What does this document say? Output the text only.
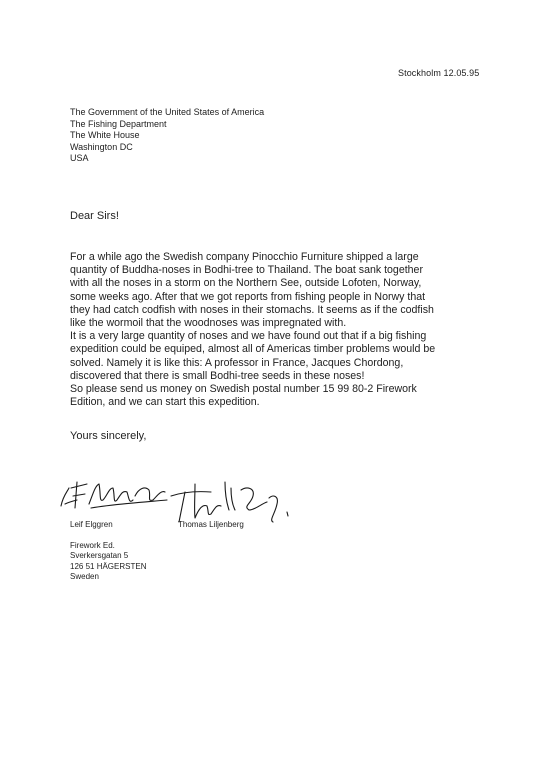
Stockholm 12.05.95
The Government of the United States of America
The Fishing Department
The White House
Washington DC
USA
Dear Sirs!
For a while ago the Swedish company Pinocchio Furniture shipped a large
quantity of Buddha-noses in Bodhi-tree to Thailand. The boat sank together
with all the noses in a storm on the Northern See, outside Lofoten, Norway,
some weeks ago. After that we got reports from fishing people in Norwy that
they had catch codfish with noses in their stomachs. It seems as if the codfish
like the wormoil that the woodnoses was impregnated with.
It is a very large quantity of noses and we have found out that if a big fishing
expedition could be equiped, almost all of Americas timber problems would be
solved. Namely it is like this: A professor in France, Jacques Chordong,
discovered that there is small Bodhi-tree seeds in these noses!
So please send us money on Swedish postal number 15 99 80-2 Firework
Edition, and we can start this expedition.
Yours sincerely,
Leif Elggren	Thomas Liljenberg
Firework Ed.
Sverkersgatan 5
126 51 HÄGERSTEN
Sweden
